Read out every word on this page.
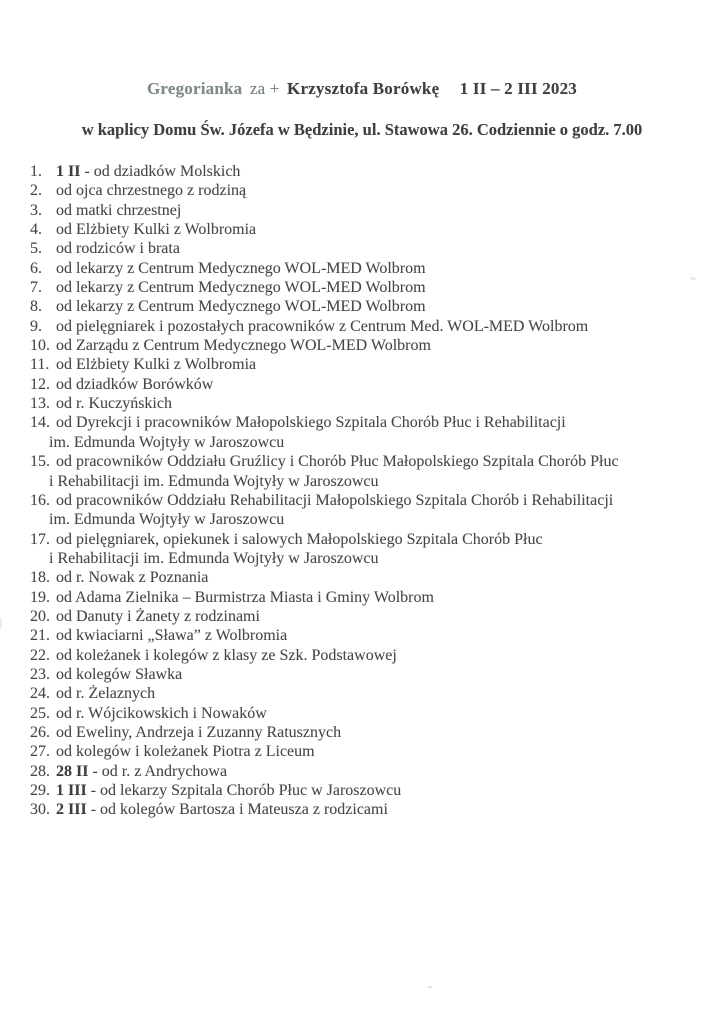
Gregorianka za + Krzysztofa Borówkę 1 II – 2 III 2023
w kaplicy Domu Św. Józefa w Będzinie, ul. Stawowa 26. Codziennie o godz. 7.00
1. 1 II - od dziadków Molskich
2. od ojca chrzestnego z rodziną
3. od matki chrzestnej
4. od Elżbiety Kulki z Wolbromia
5. od rodziców i brata
6. od lekarzy z Centrum Medycznego WOL-MED Wolbrom
7. od lekarzy z Centrum Medycznego WOL-MED Wolbrom
8. od lekarzy z Centrum Medycznego WOL-MED Wolbrom
9. od pielęgniarek i pozostałych pracowników z Centrum Med. WOL-MED Wolbrom
10. od Zarządu z Centrum Medycznego WOL-MED Wolbrom
11. od Elżbiety Kulki z Wolbromia
12. od dziadków Borówków
13. od r. Kuczyńskich
14. od Dyrekcji i pracowników Małopolskiego Szpitala Chorób Płuc i Rehabilitacji
im. Edmunda Wojtyły w Jaroszowcu
15. od pracowników Oddziału Gruźlicy i Chorób Płuc Małopolskiego Szpitala Chorób Płuc
i Rehabilitacji im. Edmunda Wojtyły w Jaroszowcu
16. od pracowników Oddziału Rehabilitacji Małopolskiego Szpitala Chorób i Rehabilitacji
im. Edmunda Wojtyły w Jaroszowcu
17. od pielęgniarek, opiekunek i salowych Małopolskiego Szpitala Chorób Płuc
i Rehabilitacji im. Edmunda Wojtyły w Jaroszowcu
18. od r. Nowak z Poznania
19. od Adama Zielnika – Burmistrza Miasta i Gminy Wolbrom
20. od Danuty i Żanety z rodzinami
21. od kwiaciarni „Sława” z Wolbromia
22. od koleżanek i kolegów z klasy ze Szk. Podstawowej
23. od kolegów Sławka
24. od r. Żelaznych
25. od r. Wójcikowskich i Nowaków
26. od Eweliny, Andrzeja i Zuzanny Ratusznych
27. od kolegów i koleżanek Piotra z Liceum
28. 28 II - od r. z Andrychowa
29. 1 III - od lekarzy Szpitala Chorób Płuc w Jaroszowcu
30. 2 III - od kolegów Bartosza i Mateusza z rodzicami
